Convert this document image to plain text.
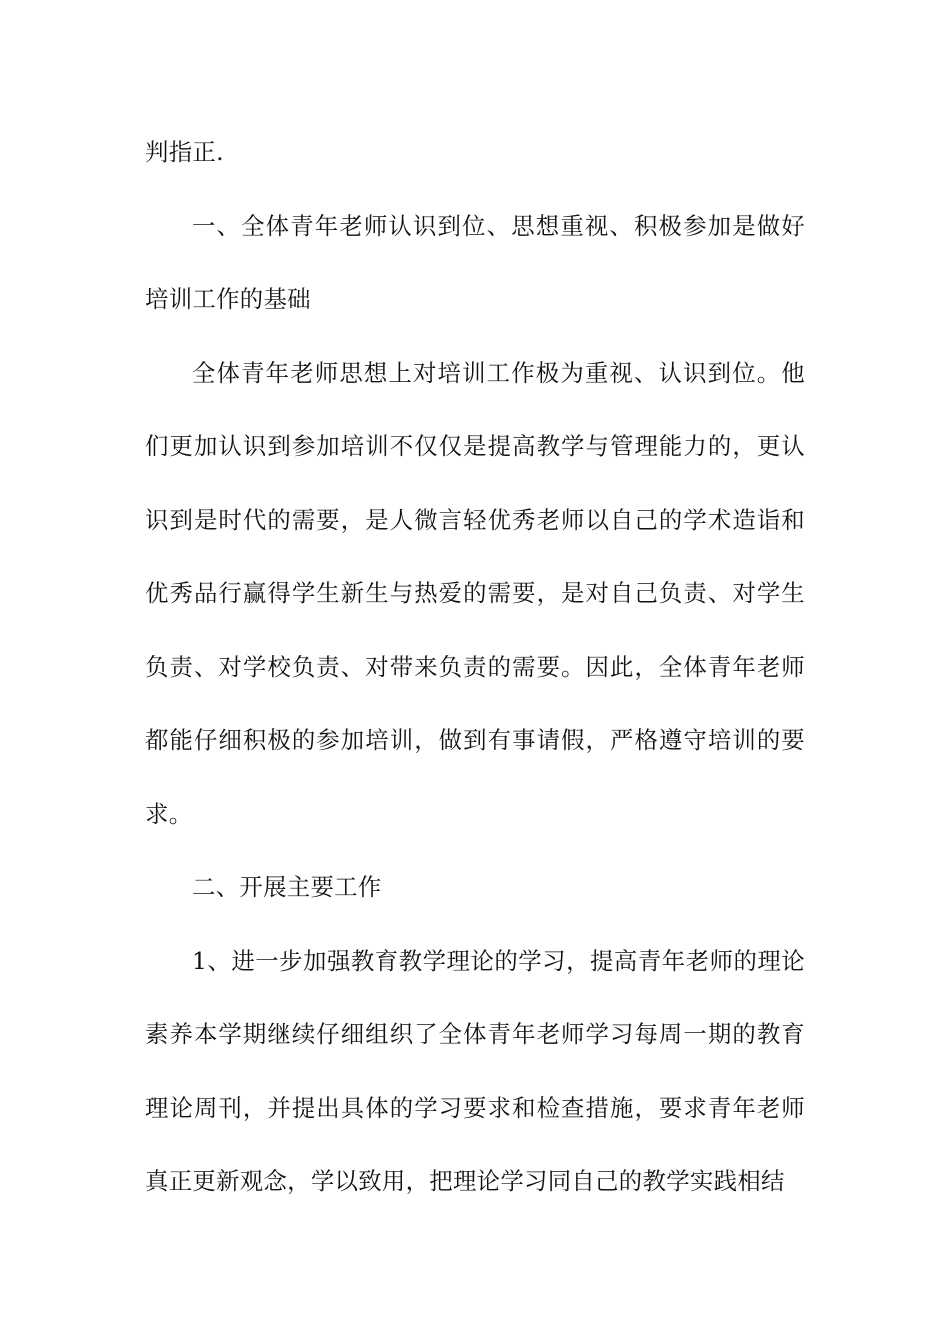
判指正.

一、全体青年老师认识到位、思想重视、积极参加是做好培训工作的基础

全体青年老师思想上对培训工作极为重视、认识到位。他们更加认识到参加培训不仅仅是提高教学与管理能力的，更认识到是时代的需要，是人微言轻优秀老师以自己的学术造诣和优秀品行赢得学生新生与热爱的需要，是对自己负责、对学生负责、对学校负责、对带来负责的需要。因此，全体青年老师都能仔细积极的参加培训，做到有事请假，严格遵守培训的要求。

二、开展主要工作

1、进一步加强教育教学理论的学习，提高青年老师的理论素养本学期继续仔细组织了全体青年老师学习每周一期的教育理论周刊，并提出具体的学习要求和检查措施，要求青年老师真正更新观念，学以致用，把理论学习同自己的教学实践相结
